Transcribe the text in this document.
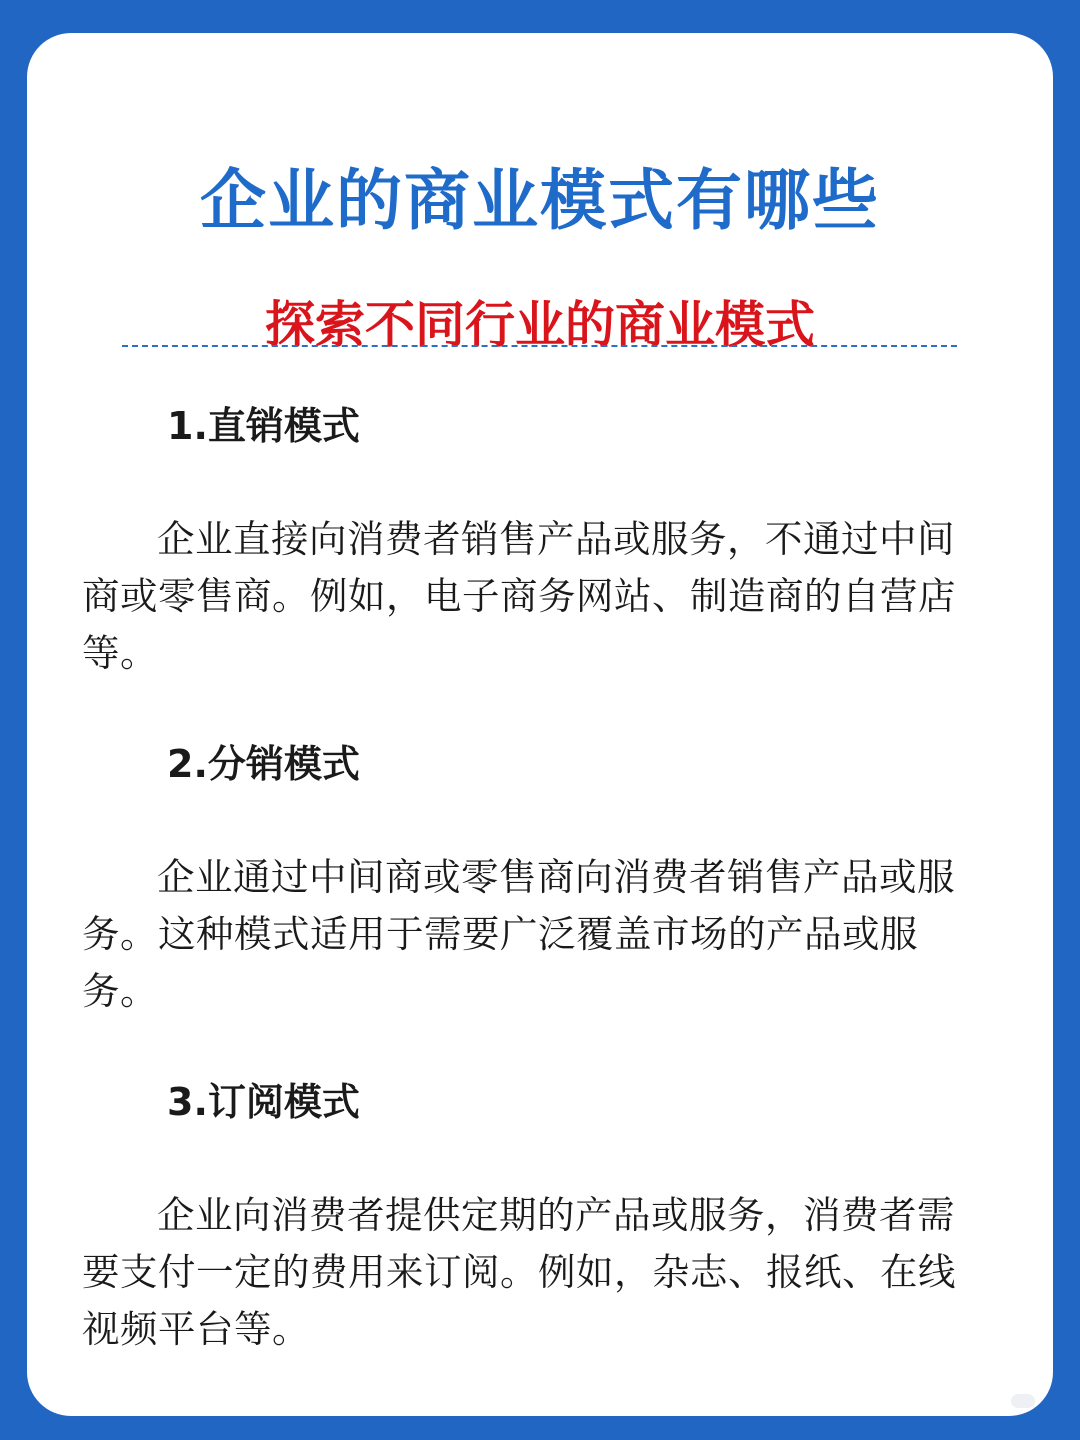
企业的商业模式有哪些
探索不同行业的商业模式
1.直销模式

企业直接向消费者销售产品或服务，不通过中间商或零售商。例如，电子商务网站、制造商的自营店等。

2.分销模式

企业通过中间商或零售商向消费者销售产品或服务。这种模式适用于需要广泛覆盖市场的产品或服务。

3.订阅模式

企业向消费者提供定期的产品或服务，消费者需要支付一定的费用来订阅。例如，杂志、报纸、在线视频平台等。
